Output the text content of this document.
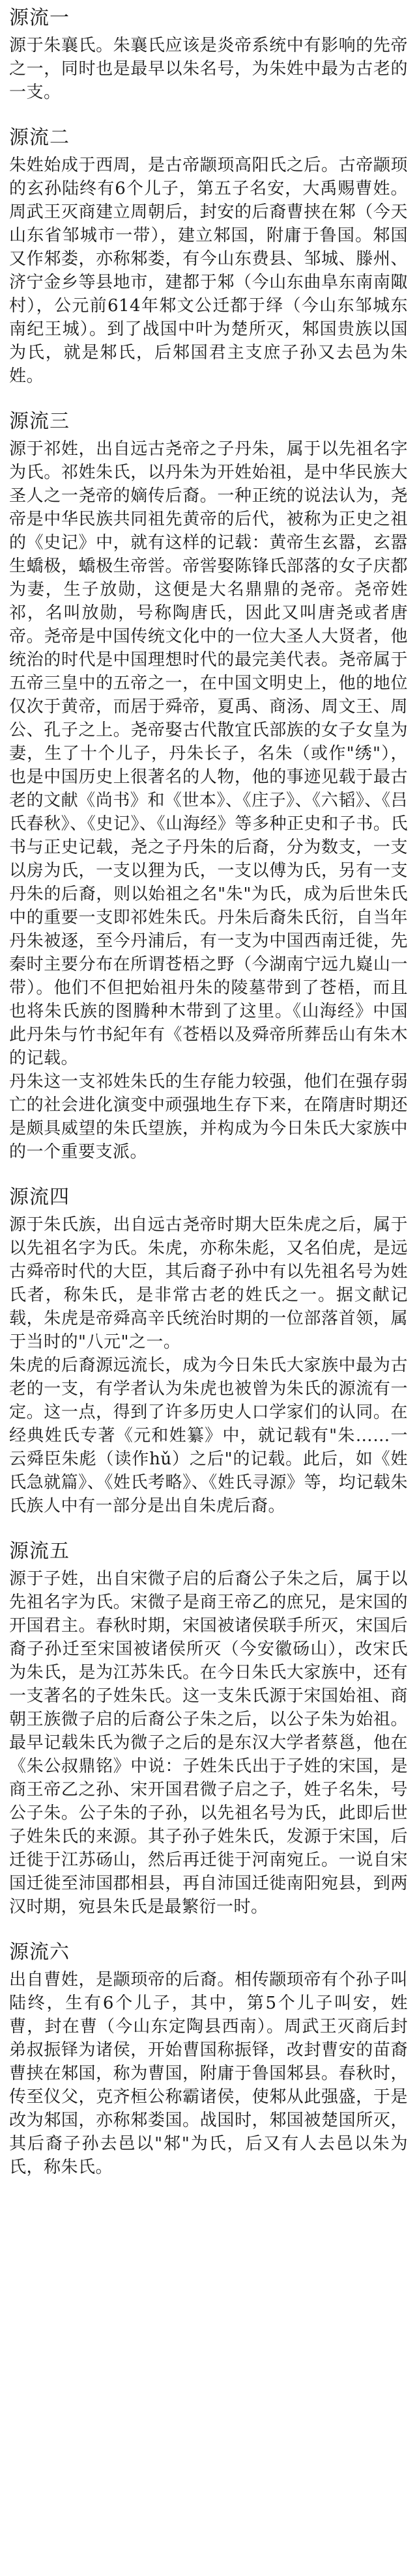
源流一

源于朱襄氏。朱襄氏应该是炎帝系统中有影响的先帝之一，同时也是最早以朱名号，为朱姓中最为古老的一支。

源流二

朱姓始成于西周，是古帝颛顼高阳氏之后。古帝颛顼的玄孙陆终有6个儿子，第五子名安，大禹赐曹姓。周武王灭商建立周朝后，封安的后裔曹挟在邾（今天山东省邹城市一带），建立邾国，附庸于鲁国。邾国又作邾娄，亦称邾娄，有今山东费县、邹城、滕州、济宁金乡等县地市，建都于邾（今山东曲阜东南南陬村），公元前614年邾文公迁都于绎（今山东邹城东南纪王城）。到了战国中叶为楚所灭，邾国贵族以国为氏，就是邾氏，后邾国君主支庶子孙又去邑为朱姓。

源流三

源于祁姓，出自远古尧帝之子丹朱，属于以先祖名字为氏。祁姓朱氏，以丹朱为开姓始祖，是中华民族大圣人之一尧帝的嫡传后裔。一种正统的说法认为，尧帝是中华民族共同祖先黄帝的后代，被称为正史之祖的《史记》中，就有这样的记载：黄帝生玄嚣，玄嚣生蟜极，蟜极生帝喾。帝喾娶陈锋氏部落的女子庆都为妻，生子放勋，这便是大名鼎鼎的尧帝。尧帝姓祁，名叫放勋，号称陶唐氏，因此又叫唐尧或者唐帝。尧帝是中国传统文化中的一位大圣人大贤者，他统治的时代是中国理想时代的最完美代表。尧帝属于五帝三皇中的五帝之一，在中国文明史上，他的地位仅次于黄帝，而居于舜帝，夏禹、商汤、周文王、周公、孔子之上。尧帝娶古代散宜氏部族的女子女皇为妻，生了十个儿子，丹朱长子，名朱（或作"绣"），也是中国历史上很著名的人物，他的事迹见载于最古老的文献《尚书》和《世本》、《庄子》、《六韬》、《吕氏春秋》、《史记》、《山海经》等多种正史和子书。氏书与正史记载，尧之子丹朱的后裔，分为数支，一支以房为氏，一支以狸为氏，一支以傅为氏，另有一支丹朱的后裔，则以始祖之名"朱"为氏，成为后世朱氏中的重要一支即祁姓朱氏。丹朱后裔朱氏衍，自当年丹朱被逐，至今丹浦后，有一支为中国西南迁徙，先秦时主要分布在所谓苍梧之野（今湖南宁远九嶷山一带）。他们不但把始祖丹朱的陵墓带到了苍梧，而且也将朱氏族的图腾种木带到了这里。《山海经》中国此丹朱与竹书紀年有《苍梧以及舜帝所葬岳山有朱木的记载。

丹朱这一支祁姓朱氏的生存能力较强，他们在强存弱亡的社会进化演变中顽强地生存下来，在隋唐时期还是颇具威望的朱氏望族，并构成为今日朱氏大家族中的一个重要支派。

源流四

源于朱氏族，出自远古尧帝时期大臣朱虎之后，属于以先祖名字为氏。朱虎，亦称朱彪，又名伯虎，是远古舜帝时代的大臣，其后裔子孙中有以先祖名号为姓氏者，称朱氏，是非常古老的姓氏之一。据文献记载，朱虎是帝舜高辛氏统治时期的一位部落首领，属于当时的"八元"之一。

朱虎的后裔源远流长，成为今日朱氏大家族中最为古老的一支，有学者认为朱虎也被曾为朱氏的源流有一定。这一点，得到了许多历史人口学家们的认同。在经典姓氏专著《元和姓纂》中，就记载有"朱……一云舜臣朱彪（读作hǔ）之后"的记载。此后，如《姓氏急就篇》、《姓氏考略》、《姓氏寻源》等，均记载朱氏族人中有一部分是出自朱虎后裔。

源流五

源于子姓，出自宋微子启的后裔公子朱之后，属于以先祖名字为氏。宋微子是商王帝乙的庶兄，是宋国的开国君主。春秋时期，宋国被诸侯联手所灭，宋国后裔子孙迁至宋国被诸侯所灭（今安徽砀山），改宋氏为朱氏，是为江苏朱氏。在今日朱氏大家族中，还有一支著名的子姓朱氏。这一支朱氏源于宋国始祖、商朝王族微子启的后裔公子朱之后，以公子朱为始祖。最早记载朱氏为微子之后的是东汉大学者蔡邕，他在《朱公叔鼎铭》中说：子姓朱氏出于子姓的宋国，是商王帝乙之孙、宋开国君微子启之子，姓子名朱，号公子朱。公子朱的子孙，以先祖名号为氏，此即后世子姓朱氏的来源。其子孙子姓朱氏，发源于宋国，后迁徙于江苏砀山，然后再迁徙于河南宛丘。一说自宋国迁徙至沛国郡相县，再自沛国迁徙南阳宛县，到两汉时期，宛县朱氏是最繁衍一时。

源流六

出自曹姓，是颛顼帝的后裔。相传颛顼帝有个孙子叫陆终，生有6个儿子，其中，第5个儿子叫安，姓曹，封在曹（今山东定陶县西南）。周武王灭商后封弟叔振铎为诸侯，开始曹国称振铎，改封曹安的苗裔曹挟在邾国，称为曹国，附庸于鲁国邾县。春秋时，传至仪父，克齐桓公称霸诸侯，使邾从此强盛，于是改为邾国，亦称邾娄国。战国时，邾国被楚国所灭，其后裔子孙去邑以"邾"为氏，后又有人去邑以朱为氏，称朱氏。
